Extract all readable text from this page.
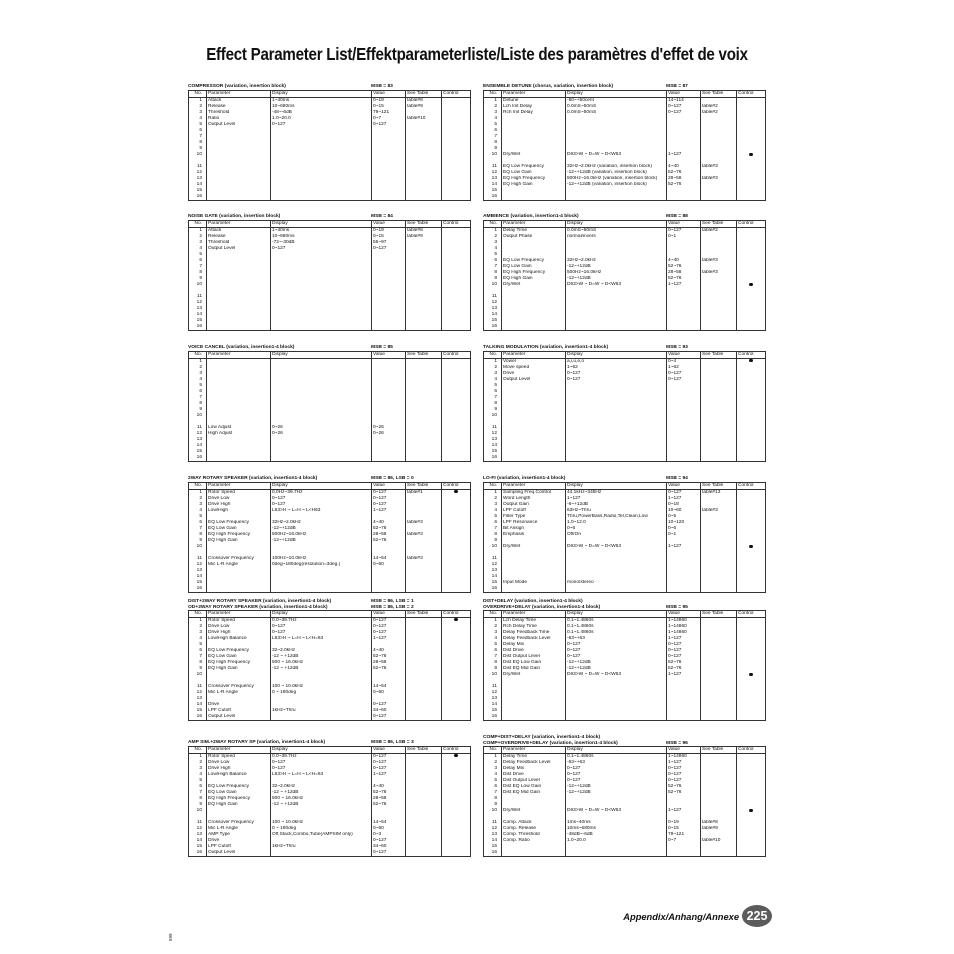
Effect Parameter List/Effektparameterliste/Liste des paramètres d'effet de voix
COMPRESSOR (variation, insertion block)	MSB = 83
No.	Parameter	Display	Value	See Table	Control
1	Attack	1~40ms	0~19	table#8	
2	Release	10~680ms	0~15	table#9	
3	Threshold	-48~-6dB	79~121		
4	Ratio	1.0~20.0	0~7	table#10	
5	Output Level	0~127	0~127		
6					
7					
8					
9					
10					

11					
12					
13					
14					
15					
16					
NOISE GATE (variation, insertion block)	MSB = 84
No.	Parameter	Display	Value	See Table	Control
1	Attack	1~40ms	0~19	table#8	
2	Release	10~680ms	0~15	table#9	
3	Threshold	-72~-30dB	55~97		
4	Output Level	0~127	0~127		
5					
6					
7					
8					
9					
10					

11					
12					
13					
14					
15					
16					
VOICE CANCEL (variation, insertion1-4 block)	MSB = 85
No.	Parameter	Display	Value	See Table	Control
1					
2					
3					
4					
5					
6					
7					
8					
9					
10					

11	Low Adjust	0~26	0~26		
12	High Adjust	0~26	0~26		
13					
14					
15					
16					
2WAY ROTARY SPEAKER (variation, insertion1-4 block)	MSB = 86, LSB = 0
No.	Parameter	Display	Value	See Table	Control
1	Rotor Speed	0.0Hz~39.7Hz	0~127	table#1	
2	Drive Low	0~127	0~127		
3	Drive High	0~127	0~127		
4	Low/High	L63>H ~ L=H ~ L<H63	1~127		
5					
6	EQ Low Frequency	32Hz~2.0kHz	4~40	table#3	
7	EQ Low Gain	-12~+12dB	52~76		
8	EQ High Frequency	500Hz~16.0kHz	28~58	table#3	
9	EQ High Gain	-12~+12dB	52~76		
10					

11	Crossover Frequency	100Hz~10.0kHz	14~54	table#3	
12	Mic L-R Angle	0deg~180deg(resolution=3deg.)	0~60		
13					
14					
15					
16					
DIST+2WAY ROTARY SPEAKER (variation, insertion1-4 block)
OD+2WAY ROTARY SPEAKER (variation, insertion1-4 block)
MSB = 86, LSB = 1
MSB = 86, LSB = 2
No.	Parameter	Display	Value	See Table	Control
1	Rotor Speed	0.0~39.7Hz	0~127		
2	Drive Low	0~127	0~127		
3	Drive High	0~127	0~127		
4	Low/High Balance	L63>H ~ L=H ~ L<H=63	1~127		
5					
6	EQ Low Frequency	32~2.0kHz	4~40		
7	EQ Low Gain	-12 ~ +12dB	52~76		
8	EQ High Frequency	500 ~ 16.0kHz	28~58		
9	EQ High Gain	-12 ~ +12dB	52~76		
10					

11	Crossover Frequency	100 ~ 10.0kHz	14~54		
12	Mic L-R Angle	0 ~ 180deg	0~60		
13					
14	Drive		0~127		
15	LPF Cutoff	1kHz~Thru	34~60		
16	Output Level		0~127		
AMP SIM.+2WAY ROTARY SP (variation, insertion1-4 block)	MSB = 86, LSB = 3
No.	Parameter	Display	Value	See Table	Control
1	Rotor Speed	0.0~39.7Hz	0~127		
2	Drive Low	0~127	0~127		
3	Drive High	0~127	0~127		
4	Low/High Balance	L63>H ~ L=H ~ L<H=63	1~127		
5					
6	EQ Low Frequency	32~2.0kHz	4~40		
7	EQ Low Gain	-12 ~ +12dB	52~76		
8	EQ High Frequency	500 ~ 16.0kHz	28~58		
9	EQ High Gain	-12 ~ +12dB	52~76		
10					

11	Crossover Frequency	100 ~ 10.0kHz	14~54		
12	Mic L-R Angle	0 ~ 180deg	0~60		
13	AMP Type	Off,Stack,Combo,Tube(AMPSIM only)	0~3		
14	Drive		0~127		
15	LPF Cutoff	1kHz~Thru	34~60		
16	Output Level		0~127		
ENSEMBLE DETUNE (chorus, variation, insertion block)	MSB = 87
No.	Parameter	Display	Value	See Table	Control
1	Detune	-50~+50cent	14~114		
2	Lch Init Delay	0.0mS~50mS	0~127	table#2	
3	Rch Init Delay	0.0mS~50mS	0~127	table#2	
4					
5					
6					
7					
8					
9					
10	Dry/Wet	D63>W ~ D=W ~ D<W63	1~127		

11	EQ Low Frequency	32Hz~2.0kHz (variation, insertion block)	4~40	table#3	
12	EQ Low Gain	-12~+12dB (variation, insertion block)	52~76		
13	EQ High Frequency	500Hz~16.0kHz (variation, insertion block)	28~58	table#3	
14	EQ High Gain	-12~+12dB (variation, insertion block)	52~76		
15					
16					
AMBIENCE (variation, insertion1-4 block)	MSB = 88
No.	Parameter	Display	Value	See Table	Control
1	Delay Time	0.0mS~50mS	0~127	table#2	
2	Output Phase	normal/invers	0~1		
3					
4					
5					
6	EQ Low Frequency	32Hz~2.0kHz	4~40	table#3	
7	EQ Low Gain	-12~+12dB	52~76		
8	EQ High Frequency	500Hz~16.0kHz	28~58	table#3	
9	EQ High Gain	-12~+12dB	52~76		
10	Dry/Wet	D63>W ~ D=W ~ D<W63	1~127		

11					
12					
13					
14					
15					
16					
TALKING MODULATION (variation, insertion1-4 block)	MSB = 93
No.	Parameter	Display	Value	See Table	Control
1	Vowel	a,i,u,e,o	0~4		
2	Move speed	1~62	1~62		
3	Drive	0~127	0~127		
4	Output Level	0~127	0~127		
5					
6					
7					
8					
9					
10					

11					
12					
13					
14					
15					
16					
LO-FI (variation, insertion1-4 block)	MSB = 94
No.	Parameter	Display	Value	See Table	Control
1	Sampling Freq.Control	44.1kHz~345Hz	0~127	table#13	
2	Word Length	1~127	1~127		
3	Output Gain	-6~+12dB	0~18		
4	LPF Cutoff	63Hz~Thru	10~60	table#3	
5	Filter Type	Thru,PowerBass,Radio,Tel,Clean,Low	0~5		
6	LPF Resonance	1.0~12.0	10~120		
7	Bit Assign	0~6	0~6		
8	Emphasis	Off/On	0~1		
9					
10	Dry/Wet	D63>W ~ D=W ~ D<W63	1~127		

11					
12					
13					
14					
15	Input Mode	mono/stereo			
16					
DIST+DELAY (variation, insertion1-4 block)
OVERDRIVE+DELAY (variation, insertion1-4 block)	MSB = 95
No.	Parameter	Display	Value	See Table	Control
1	Lch Delay Time	0.1~1.4860s	1~14860		
2	Rch Delay Time	0.1~1.4860s	1~14860		
3	Delay Feedback Time	0.1~1.4860s	1~14860		
4	Delay Feedback Level	-63~+63	1~127		
5	Delay Mix	0~127	0~127		
6	Dist Drive	0~127	0~127		
7	Dist Output Level	0~127	0~127		
8	Dist EQ Low Gain	-12~+12dB	52~76		
9	Dist EQ Mid Gain	-12~+12dB	52~76		
10	Dry/Wet	D63>W ~ D=W ~ D<W63	1~127		

11					
12					
13					
14					
15					
16					
COMP+DIST+DELAY (variation, insertion1-4 block)
COMP+OVERDRIVE+DELAY (variation, insertion1-4 block)	MSB = 96
No.	Parameter	Display	Value	See Table	Control
1	Delay Time	0.1~1.4860s	1~14860		
2	Delay Feedback Level	-63~+63	1~127		
3	Delay Mix	0~127	0~127		
4	Dist Drive	0~127	0~127		
5	Dist Output Level	0~127	0~127		
6	Dist EQ Low Gain	-12~+12dB	52~76		
7	Dist EQ Mid Gain	-12~+12dB	52~76		
8					
9					
10	Dry/Wet	D63>W ~ D=W ~ D<W63	1~127		

11	Comp. Attack	1ms~40ms	0~19	table#8	
12	Comp. Release	10ms~680ms	0~15	table#9	
13	Comp. Threshold	-48dB~-6dB	79~121		
14	Comp. Ratio	1.0~20.0	0~7	table#10	
15					
16					
Appendix/Anhang/Annexe 225
599
